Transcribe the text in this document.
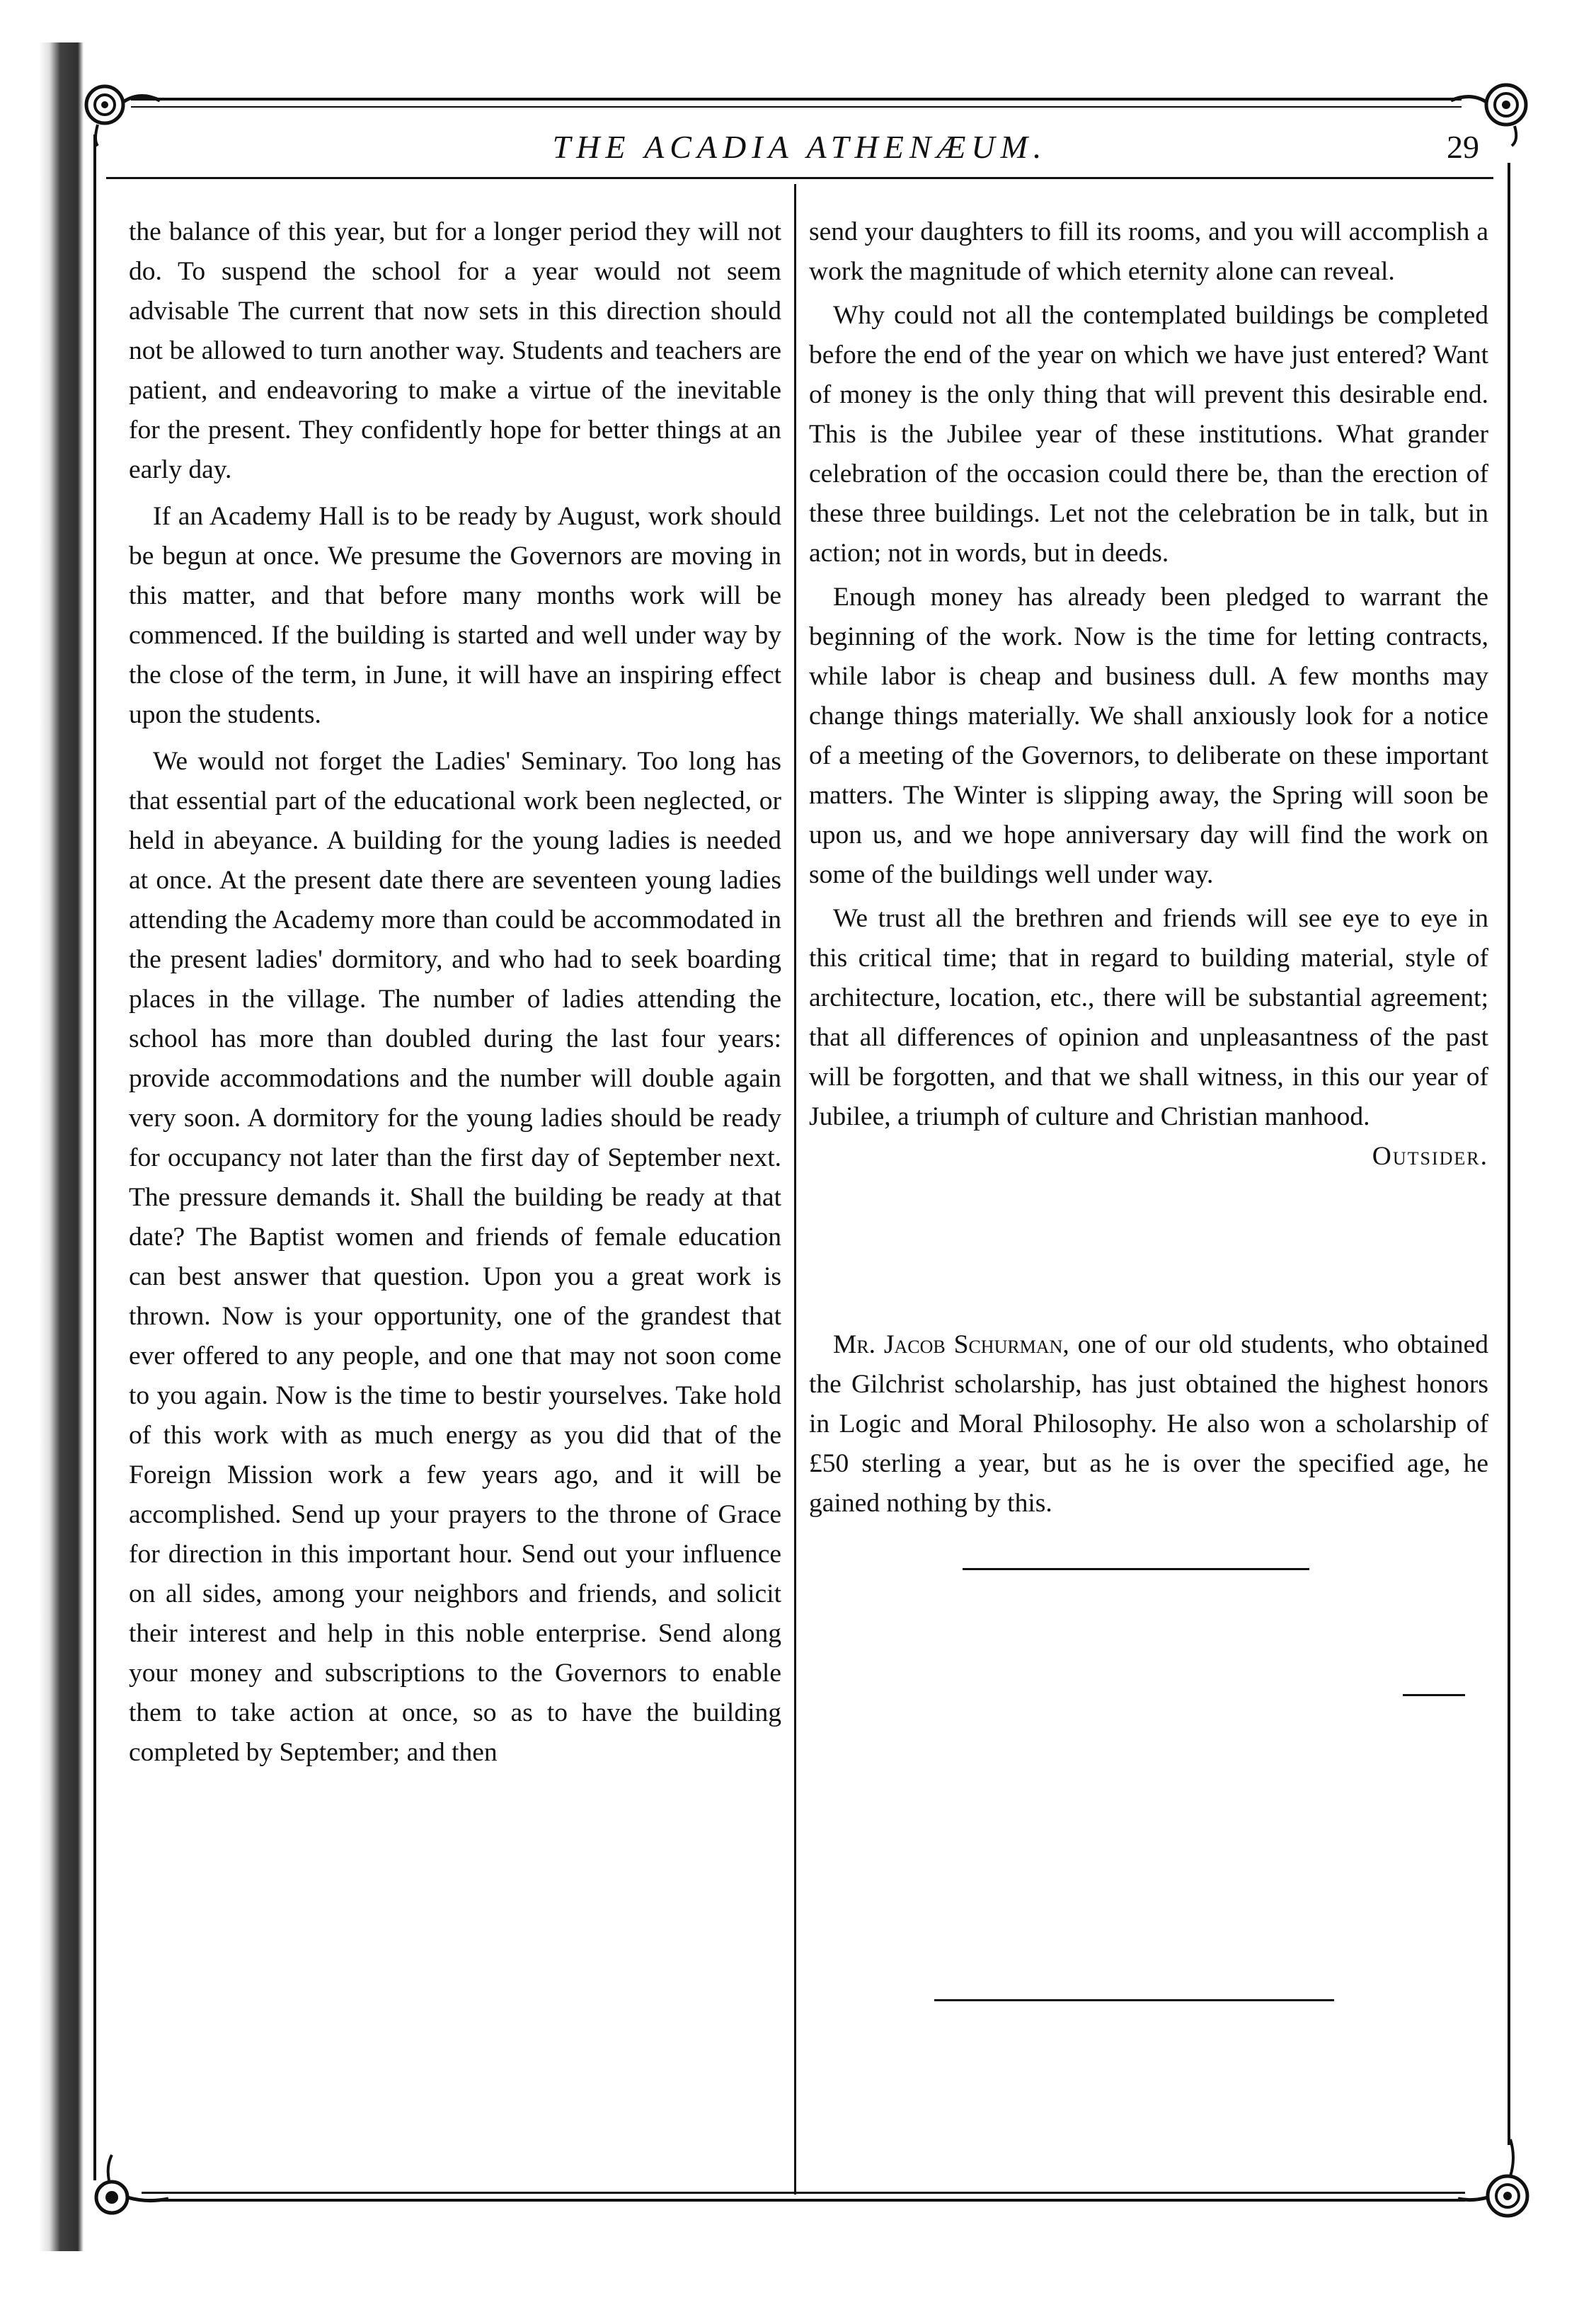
THE ACADIA ATHENÆUM.	29

the balance of this year, but for a longer period they will not do. To suspend the school for a year would not seem advisable The current that now sets in this direction should not be allowed to turn another way. Students and teachers are patient, and endeavoring to make a virtue of the inevitable for the present. They confidently hope for better things at an early day.

If an Academy Hall is to be ready by August, work should be begun at once. We presume the Governors are moving in this matter, and that before many months work will be commenced. If the building is started and well under way by the close of the term, in June, it will have an inspiring effect upon the students.

We would not forget the Ladies' Seminary. Too long has that essential part of the educational work been neglected, or held in abeyance. A building for the young ladies is needed at once. At the present date there are seventeen young ladies attending the Academy more than could be accommodated in the present ladies' dormitory, and who had to seek boarding places in the village. The number of ladies attending the school has more than doubled during the last four years: provide accommodations and the number will double again very soon. A dormitory for the young ladies should be ready for occupancy not later than the first day of September next. The pressure demands it. Shall the building be ready at that date? The Baptist women and friends of female education can best answer that question. Upon you a great work is thrown. Now is your opportunity, one of the grandest that ever offered to any people, and one that may not soon come to you again. Now is the time to bestir yourselves. Take hold of this work with as much energy as you did that of the Foreign Mission work a few years ago, and it will be accomplished. Send up your prayers to the throne of Grace for direction in this important hour. Send out your influence on all sides, among your neighbors and friends, and solicit their interest and help in this noble enterprise. Send along your money and subscriptions to the Governors to enable them to take action at once, so as to have the building completed by September; and then

send your daughters to fill its rooms, and you will accomplish a work the magnitude of which eternity alone can reveal.

Why could not all the contemplated buildings be completed before the end of the year on which we have just entered? Want of money is the only thing that will prevent this desirable end. This is the Jubilee year of these institutions. What grander celebration of the occasion could there be, than the erection of these three buildings. Let not the celebration be in talk, but in action; not in words, but in deeds.

Enough money has already been pledged to warrant the beginning of the work. Now is the time for letting contracts, while labor is cheap and business dull. A few months may change things materially. We shall anxiously look for a notice of a meeting of the Governors, to deliberate on these important matters. The Winter is slipping away, the Spring will soon be upon us, and we hope anniversary day will find the work on some of the buildings well under way.

We trust all the brethren and friends will see eye to eye in this critical time; that in regard to building material, style of architecture, location, etc., there will be substantial agreement; that all differences of opinion and unpleasantness of the past will be forgotten, and that we shall witness, in this our year of Jubilee, a triumph of culture and Christian manhood.

Outsider.

Mr. Jacob Schurman, one of our old students, who obtained the Gilchrist scholarship, has just obtained the highest honors in Logic and Moral Philosophy. He also won a scholarship of £50 sterling a year, but as he is over the specified age, he gained nothing by this.
